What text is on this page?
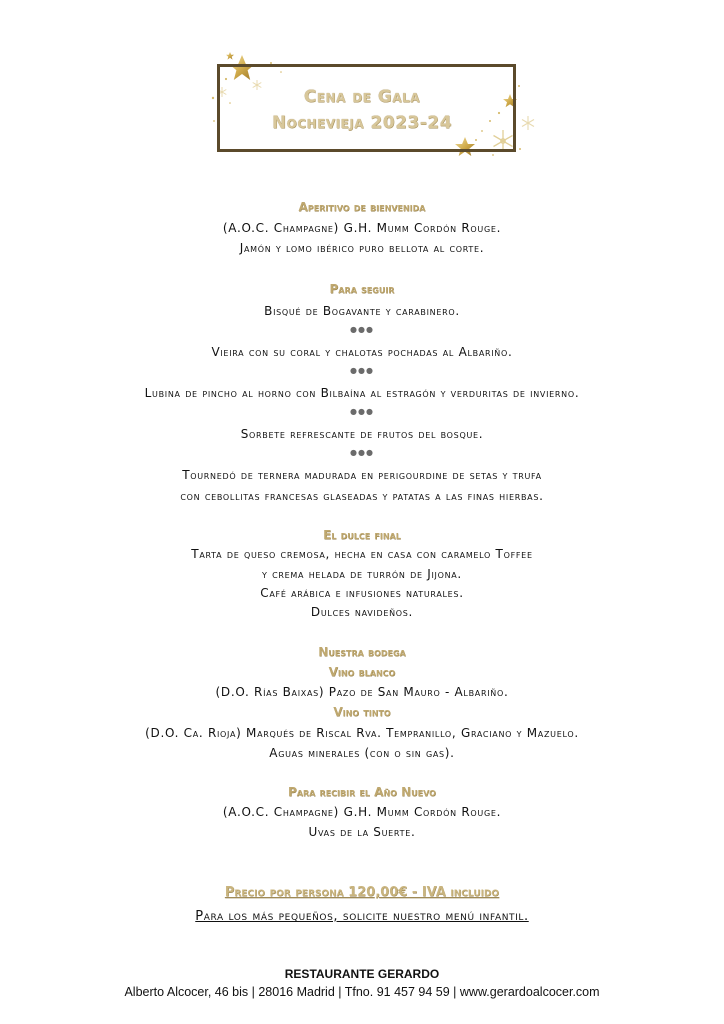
Cena de Gala
Nochevieja 2023-24
Aperitivo de bienvenida
(A.O.C. Champagne) G.H. Mumm Cordón Rouge.
Jamón y lomo ibérico puro bellota al corte.
Para seguir
Bisqué de Bogavante y carabinero.
●●●
Vieira con su coral y chalotas pochadas al Albariño.
●●●
Lubina de pincho al horno con Bilbaína al estragón y verduritas de invierno.
●●●
Sorbete refrescante de frutos del bosque.
●●●
Tournedó de ternera madurada en perigourdine de setas y trufa
con cebollitas francesas glaseadas y patatas a las finas hierbas.
El dulce final
Tarta de queso cremosa, hecha en casa con caramelo Toffee
y crema helada de turrón de Jijona.
Café arábica e infusiones naturales.
Dulces navideños.
Nuestra bodega
Vino blanco
(D.O. Rías Baixas) Pazo de San Mauro - Albariño.
Vino tinto
(D.O. Ca. Rioja) Marqués de Riscal Rva. Tempranillo, Graciano y Mazuelo.
Aguas minerales (con o sin gas).
Para recibir el Año Nuevo
(A.O.C. Champagne) G.H. Mumm Cordón Rouge.
Uvas de la Suerte.
Precio por persona 120,00€ - IVA incluido
Para los más pequeños, solicite nuestro menú infantil.
RESTAURANTE GERARDO
Alberto Alcocer, 46 bis | 28016 Madrid | Tfno. 91 457 94 59 | www.gerardoalcocer.com
